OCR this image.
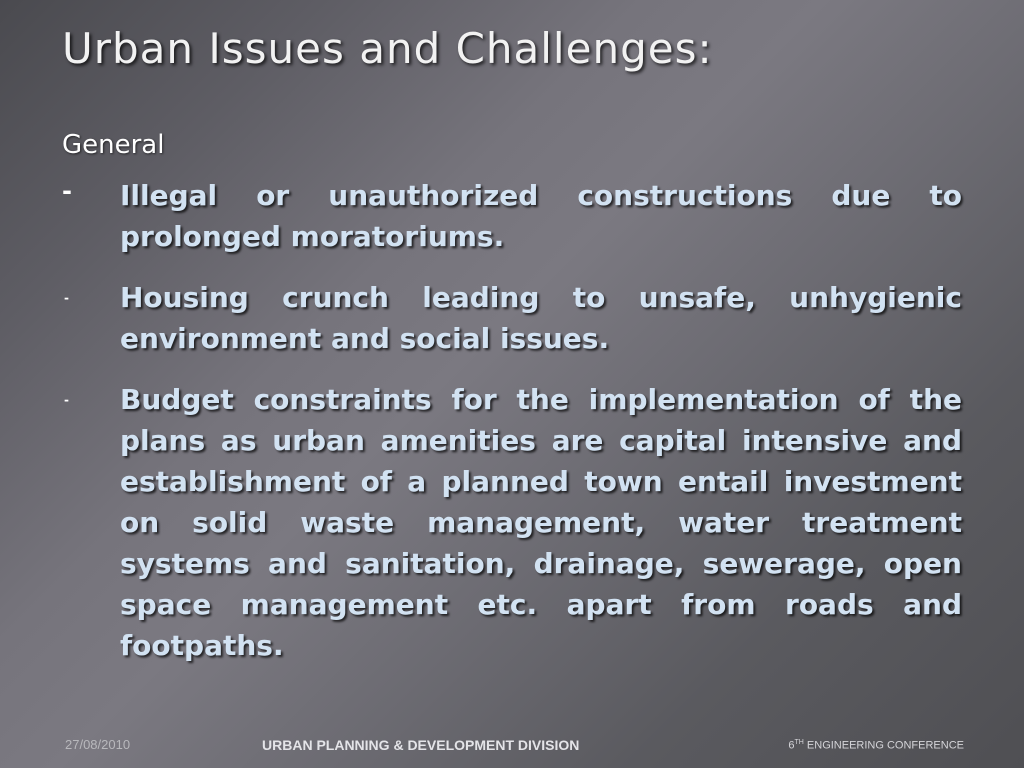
Urban Issues and Challenges:
General
- Illegal or unauthorized constructions due to prolonged moratoriums.
- Housing crunch leading to unsafe, unhygienic environment and social issues.
- Budget constraints for the implementation of the plans as urban amenities are capital intensive and establishment of a planned town entail investment on solid waste management, water treatment systems and sanitation, drainage, sewerage, open space management etc. apart from roads and footpaths.
27/08/2010	URBAN PLANNING & DEVELOPMENT DIVISION	6TH ENGINEERING CONFERENCE
